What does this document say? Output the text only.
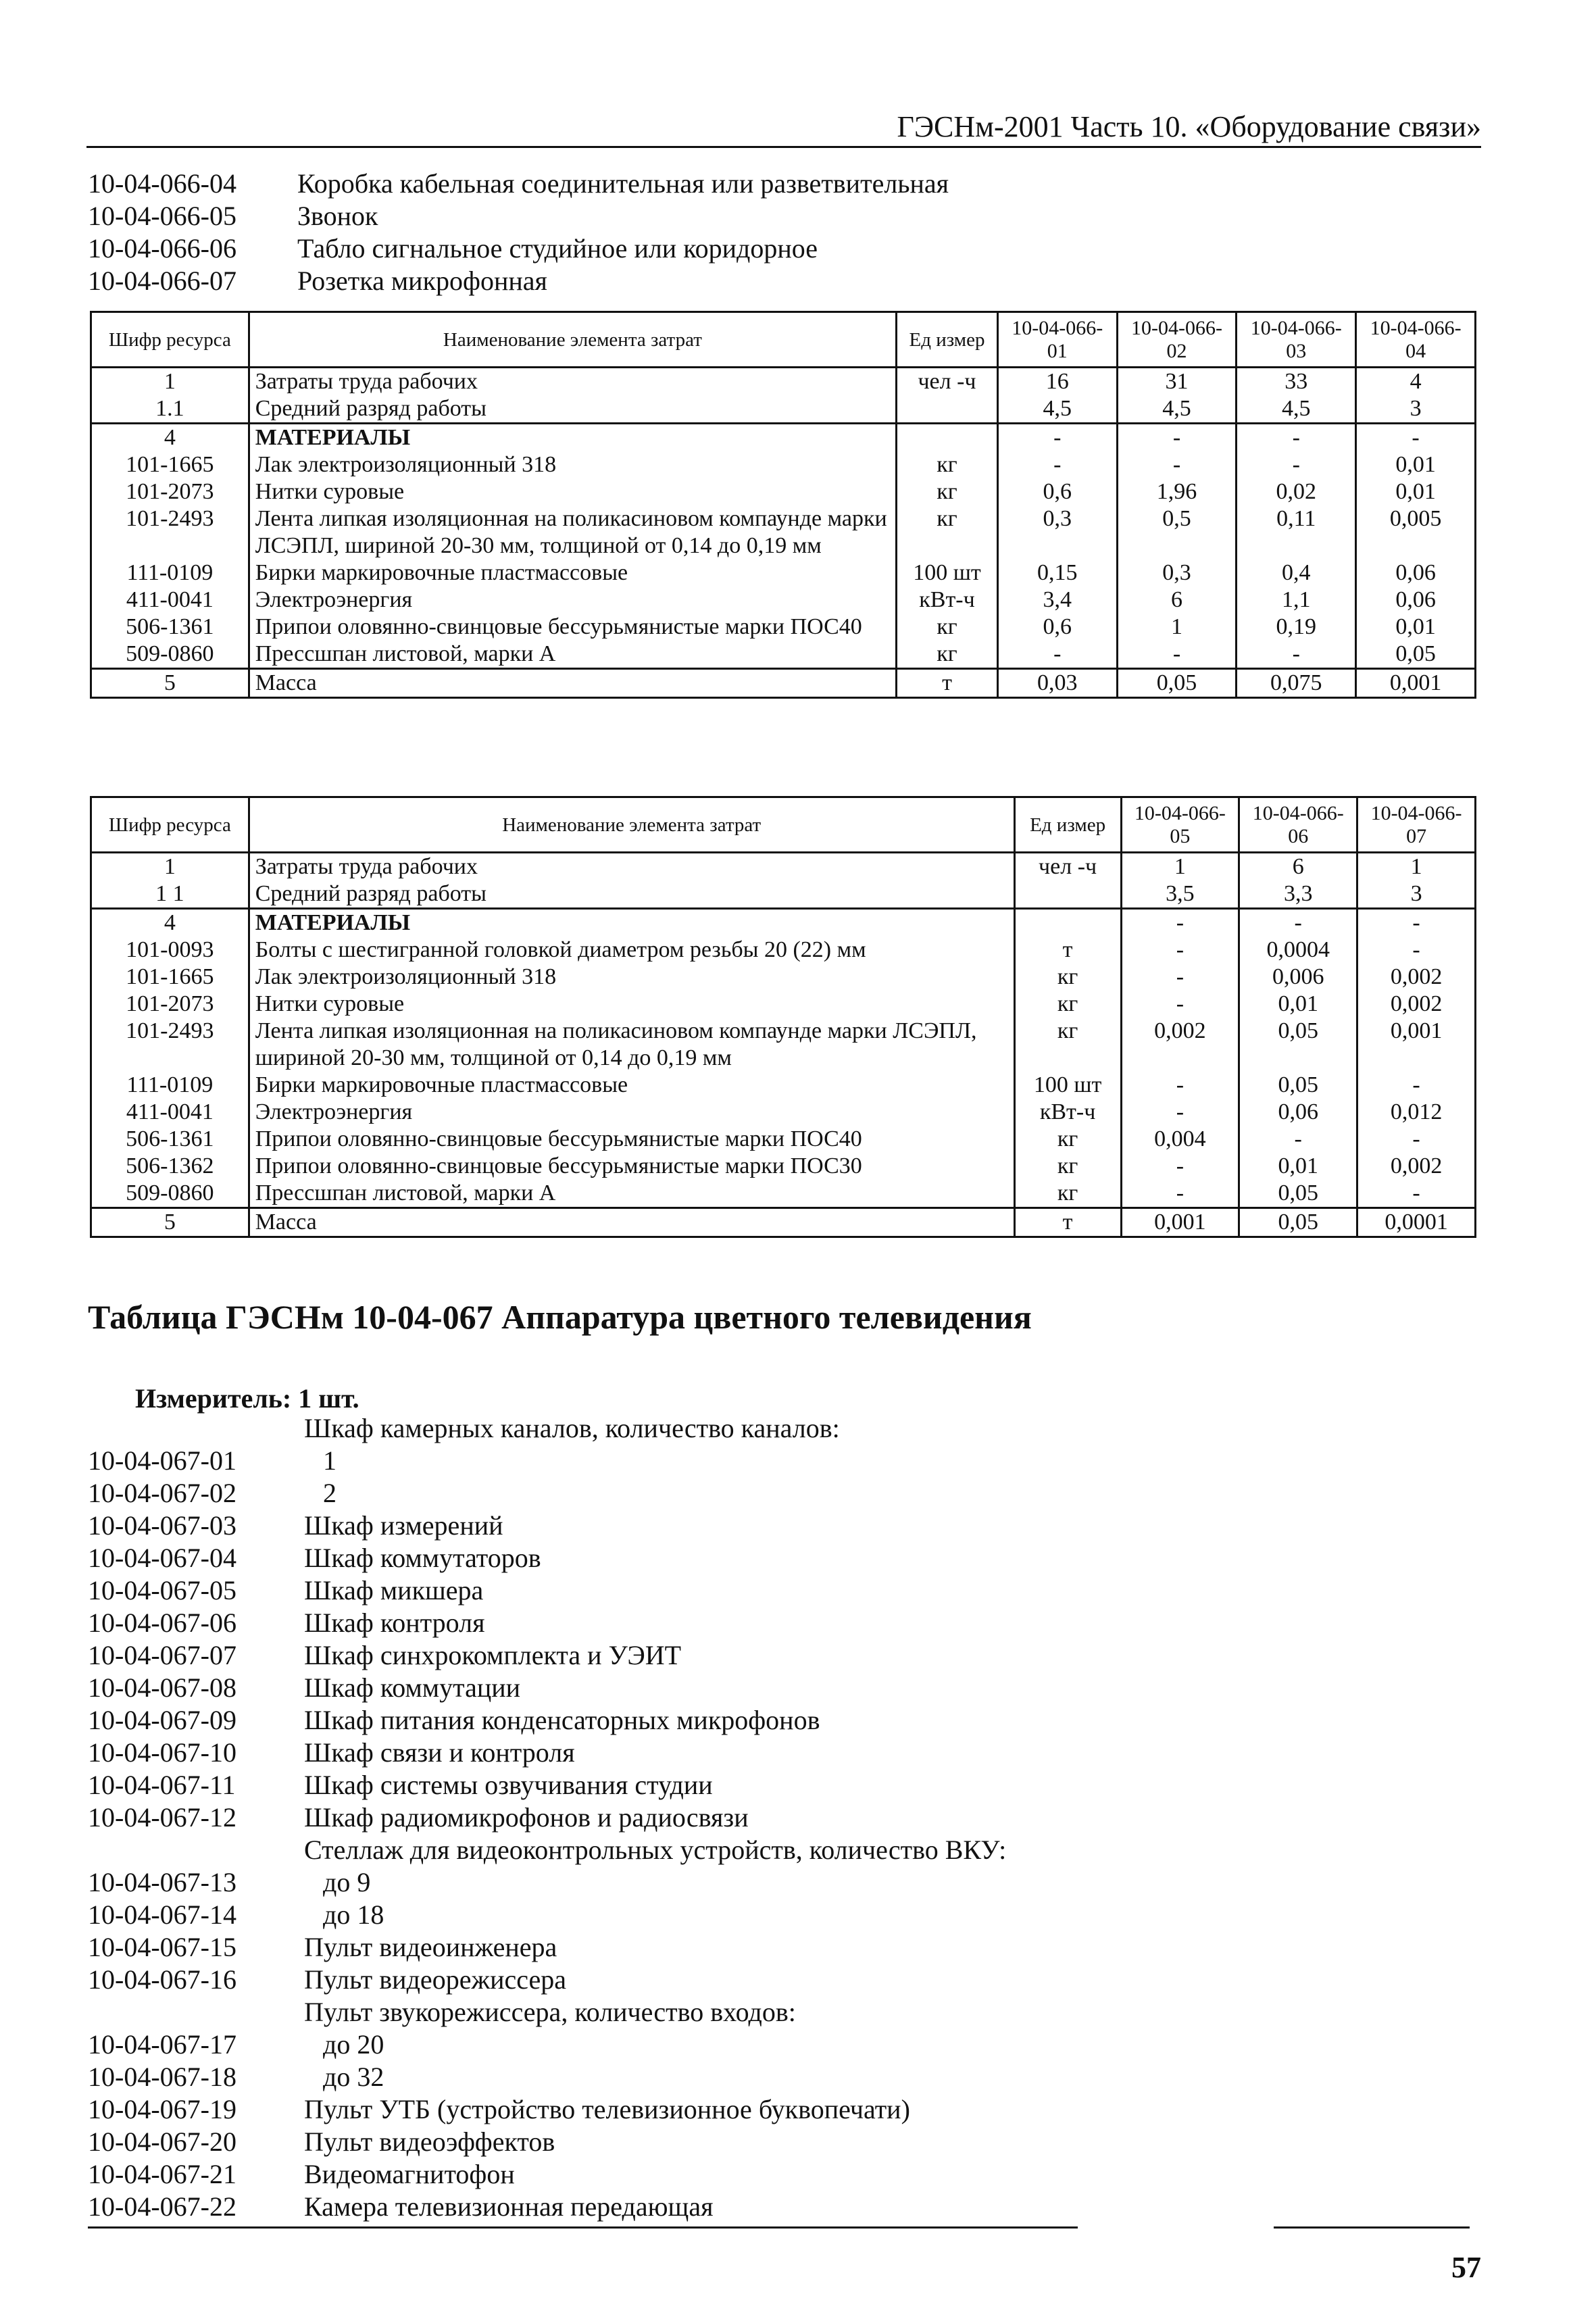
ГЭСНм-2001 Часть 10. «Оборудование связи»
10-04-066-04	Коробка кабельная соединительная или разветвительная
10-04-066-05	Звонок
10-04-066-06	Табло сигнальное студийное или коридорное
10-04-066-07	Розетка микрофонная
Шифр ресурса	Наименование элемента затрат	Ед измер	10-04-066-01	10-04-066-02	10-04-066-03	10-04-066-04
1	Затраты труда рабочих	чел -ч	16	31	33	4
1.1	Средний разряд работы		4,5	4,5	4,5	3
4	МАТЕРИАЛЫ		-	-	-	-
101-1665	Лак электроизоляционный 318	кг	-	-	-	0,01
101-2073	Нитки суровые	кг	0,6	1,96	0,02	0,01
101-2493	Лента липкая изоляционная на поликасиновом компаунде марки ЛСЭПЛ, шириной 20-30 мм, толщиной от 0,14 до 0,19 мм	кг	0,3	0,5	0,11	0,005
111-0109	Бирки маркировочные пластмассовые	100 шт	0,15	0,3	0,4	0,06
411-0041	Электроэнергия	кВт-ч	3,4	6	1,1	0,06
506-1361	Припои оловянно-свинцовые бессурьмянистые марки ПОС40	кг	0,6	1	0,19	0,01
509-0860	Прессшпан листовой, марки А	кг	-	-	-	0,05
5	Масса	т	0,03	0,05	0,075	0,001
Шифр ресурса	Наименование элемента затрат	Ед измер	10-04-066-05	10-04-066-06	10-04-066-07
1	Затраты труда рабочих	чел -ч	1	6	1
1 1	Средний разряд работы		3,5	3,3	3
4	МАТЕРИАЛЫ		-	-	-
101-0093	Болты с шестигранной головкой диаметром резьбы 20 (22) мм	т	-	0,0004	-
101-1665	Лак электроизоляционный 318	кг	-	0,006	0,002
101-2073	Нитки суровые	кг	-	0,01	0,002
101-2493	Лента липкая изоляционная на поликасиновом компаунде марки ЛСЭПЛ, шириной 20-30 мм, толщиной от 0,14 до 0,19 мм	кг	0,002	0,05	0,001
111-0109	Бирки маркировочные пластмассовые	100 шт	-	0,05	-
411-0041	Электроэнергия	кВт-ч	-	0,06	0,012
506-1361	Припои оловянно-свинцовые бессурьмянистые марки ПОС40	кг	0,004	-	-
506-1362	Припои оловянно-свинцовые бессурьмянистые марки ПОС30	кг	-	0,01	0,002
509-0860	Прессшпан листовой, марки А	кг	-	0,05	-
5	Масса	т	0,001	0,05	0,0001
Таблица ГЭСНм 10-04-067 Аппаратура цветного телевидения
Измеритель: 1 шт.
Шкаф камерных каналов, количество каналов:
10-04-067-01	1
10-04-067-02	2
10-04-067-03	Шкаф измерений
10-04-067-04	Шкаф коммутаторов
10-04-067-05	Шкаф микшера
10-04-067-06	Шкаф контроля
10-04-067-07	Шкаф синхрокомплекта и УЭИТ
10-04-067-08	Шкаф коммутации
10-04-067-09	Шкаф питания конденсаторных микрофонов
10-04-067-10	Шкаф связи и контроля
10-04-067-11	Шкаф системы озвучивания студии
10-04-067-12	Шкаф радиомикрофонов и радиосвязи
Стеллаж для видеоконтрольных устройств, количество ВКУ:
10-04-067-13	до 9
10-04-067-14	до 18
10-04-067-15	Пульт видеоинженера
10-04-067-16	Пульт видеорежиссера
Пульт звукорежиссера, количество входов:
10-04-067-17	до 20
10-04-067-18	до 32
10-04-067-19	Пульт УТБ (устройство телевизионное буквопечати)
10-04-067-20	Пульт видеоэффектов
10-04-067-21	Видеомагнитофон
10-04-067-22	Камера телевизионная передающая
57
